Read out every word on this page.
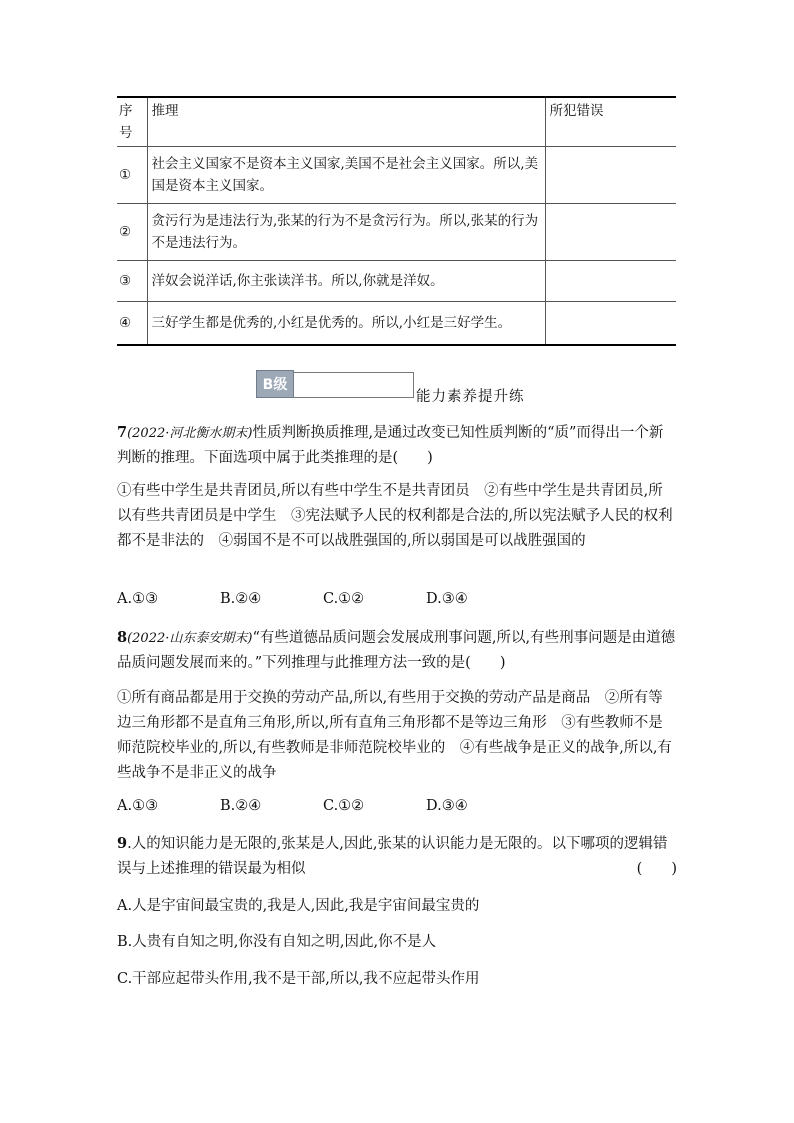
序号	推理	所犯错误
①	社会主义国家不是资本主义国家,美国不是社会主义国家。所以,美国是资本主义国家。	
②	贪污行为是违法行为,张某的行为不是贪污行为。所以,张某的行为不是违法行为。	
③	洋奴会说洋话,你主张读洋书。所以,你就是洋奴。	
④	三好学生都是优秀的,小红是优秀的。所以,小红是三好学生。	
B级
能力素养提升练
7(2022·河北衡水期末)性质判断换质推理,是通过改变已知性质判断的“质”而得出一个新判断的推理。下面选项中属于此类推理的是(　　)
①有些中学生是共青团员,所以有些中学生不是共青团员　②有些中学生是共青团员,所以有些共青团员是中学生　③宪法赋予人民的权利都是合法的,所以宪法赋予人民的权利都不是非法的　④弱国不是不可以战胜强国的,所以弱国是可以战胜强国的
A.①③	B.②④	C.①②	D.③④
8(2022·山东泰安期末)“有些道德品质问题会发展成刑事问题,所以,有些刑事问题是由道德品质问题发展而来的。”下列推理与此推理方法一致的是(　　)
①所有商品都是用于交换的劳动产品,所以,有些用于交换的劳动产品是商品　②所有等边三角形都不是直角三角形,所以,所有直角三角形都不是等边三角形　③有些教师不是师范院校毕业的,所以,有些教师是非师范院校毕业的　④有些战争是正义的战争,所以,有些战争不是非正义的战争
A.①③	B.②④	C.①②	D.③④
9.人的知识能力是无限的,张某是人,因此,张某的认识能力是无限的。以下哪项的逻辑错误与上述推理的错误最为相似	(　　)
A.人是宇宙间最宝贵的,我是人,因此,我是宇宙间最宝贵的
B.人贵有自知之明,你没有自知之明,因此,你不是人
C.干部应起带头作用,我不是干部,所以,我不应起带头作用
